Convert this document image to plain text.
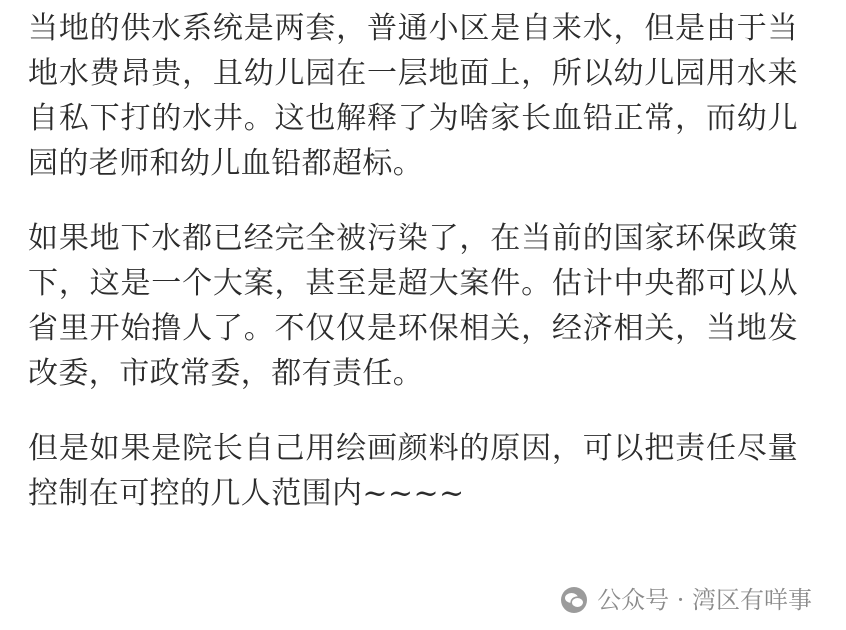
当地的供水系统是两套，普通小区是自来水，但是由于当地水费昂贵，且幼儿园在一层地面上，所以幼儿园用水来自私下打的水井。这也解释了为啥家长血铅正常，而幼儿园的老师和幼儿血铅都超标。

如果地下水都已经完全被污染了，在当前的国家环保政策下，这是一个大案，甚至是超大案件。估计中央都可以从省里开始撸人了。不仅仅是环保相关，经济相关，当地发改委，市政常委，都有责任。

但是如果是院长自己用绘画颜料的原因，可以把责任尽量控制在可控的几人范围内~~~~

公众号 · 湾区有咩事
